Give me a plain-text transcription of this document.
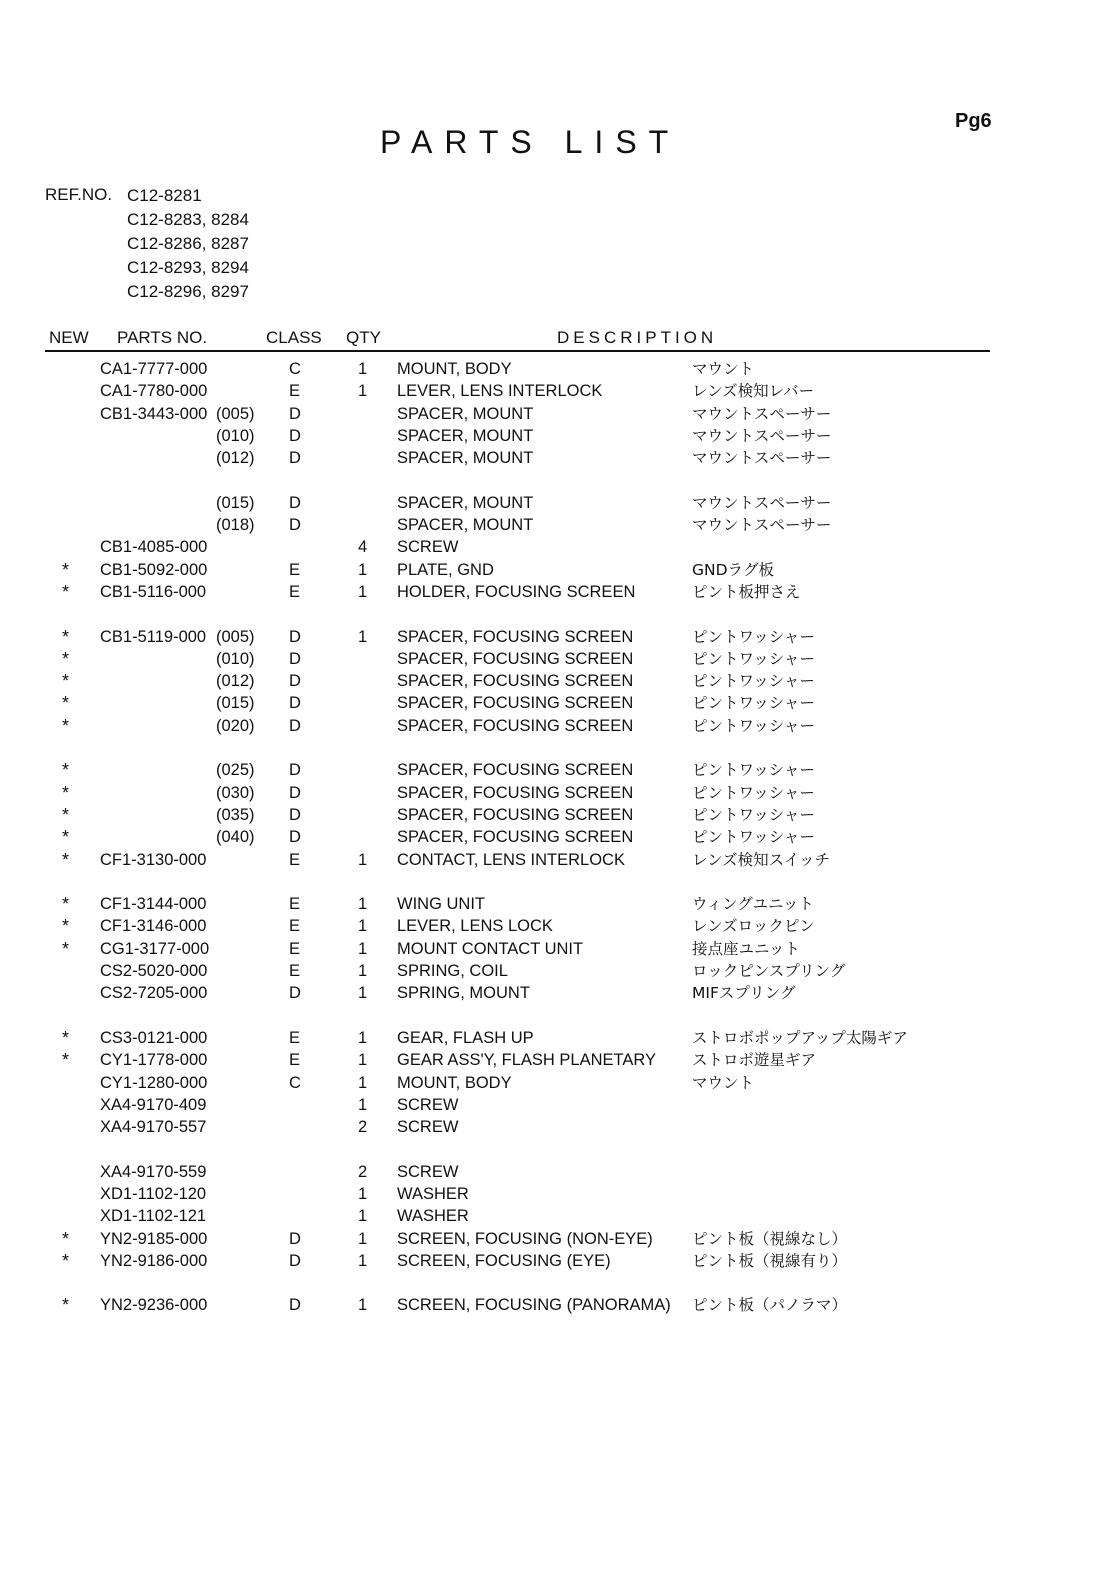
Pg6
PARTS LIST
REF.NO. C12-8281
C12-8283, 8284
C12-8286, 8287
C12-8293, 8294
C12-8296, 8297
NEW PARTS NO.	CLASS QTY	DESCRIPTION
CA1-7777-000	C	1 MOUNT, BODY	マウント
CA1-7780-000	E	1 LEVER, LENS INTERLOCK	レンズ検知レバー
CB1-3443-000 (005) D	SPACER, MOUNT	マウントスペーサー
(010) D	SPACER, MOUNT	マウントスペーサー
(012) D	SPACER, MOUNT	マウントスペーサー
(015) D	SPACER, MOUNT	マウントスペーサー
(018) D	SPACER, MOUNT	マウントスペーサー
CB1-4085-000	4 SCREW
* CB1-5092-000	E	1 PLATE, GND	GNDラグ板
* CB1-5116-000	E	1 HOLDER, FOCUSING SCREEN	ピント板押さえ
* CB1-5119-000 (005) D	1 SPACER, FOCUSING SCREEN	ピントワッシャー
*	(010) D	SPACER, FOCUSING SCREEN	ピントワッシャー
*	(012) D	SPACER, FOCUSING SCREEN	ピントワッシャー
*	(015) D	SPACER, FOCUSING SCREEN	ピントワッシャー
*	(020) D	SPACER, FOCUSING SCREEN	ピントワッシャー
*	(025) D	SPACER, FOCUSING SCREEN	ピントワッシャー
*	(030) D	SPACER, FOCUSING SCREEN	ピントワッシャー
*	(035) D	SPACER, FOCUSING SCREEN	ピントワッシャー
*	(040) D	SPACER, FOCUSING SCREEN	ピントワッシャー
* CF1-3130-000	E	1 CONTACT, LENS INTERLOCK	レンズ検知スイッチ
* CF1-3144-000	E	1 WING UNIT	ウィングユニット
* CF1-3146-000	E	1 LEVER, LENS LOCK	レンズロックピン
* CG1-3177-000	E	1 MOUNT CONTACT UNIT	接点座ユニット
CS2-5020-000	E	1 SPRING, COIL	ロックピンスプリング
CS2-7205-000	D	1 SPRING, MOUNT	MIFスプリング
* CS3-0121-000	E	1 GEAR, FLASH UP	ストロボポップアップ太陽ギア
* CY1-1778-000	E	1 GEAR ASS'Y, FLASH PLANETARY ストロボ遊星ギア
CY1-1280-000	C	1 MOUNT, BODY	マウント
XA4-9170-409	1 SCREW
XA4-9170-557	2 SCREW
XA4-9170-559	2 SCREW
XD1-1102-120	1 WASHER
XD1-1102-121	1 WASHER
* YN2-9185-000	D	1 SCREEN, FOCUSING (NON-EYE)	ピント板（視線なし）
* YN2-9186-000	D	1 SCREEN, FOCUSING (EYE)	ピント板（視線有り）
* YN2-9236-000	D	1 SCREEN, FOCUSING (PANORAMA) ピント板（パノラマ）
